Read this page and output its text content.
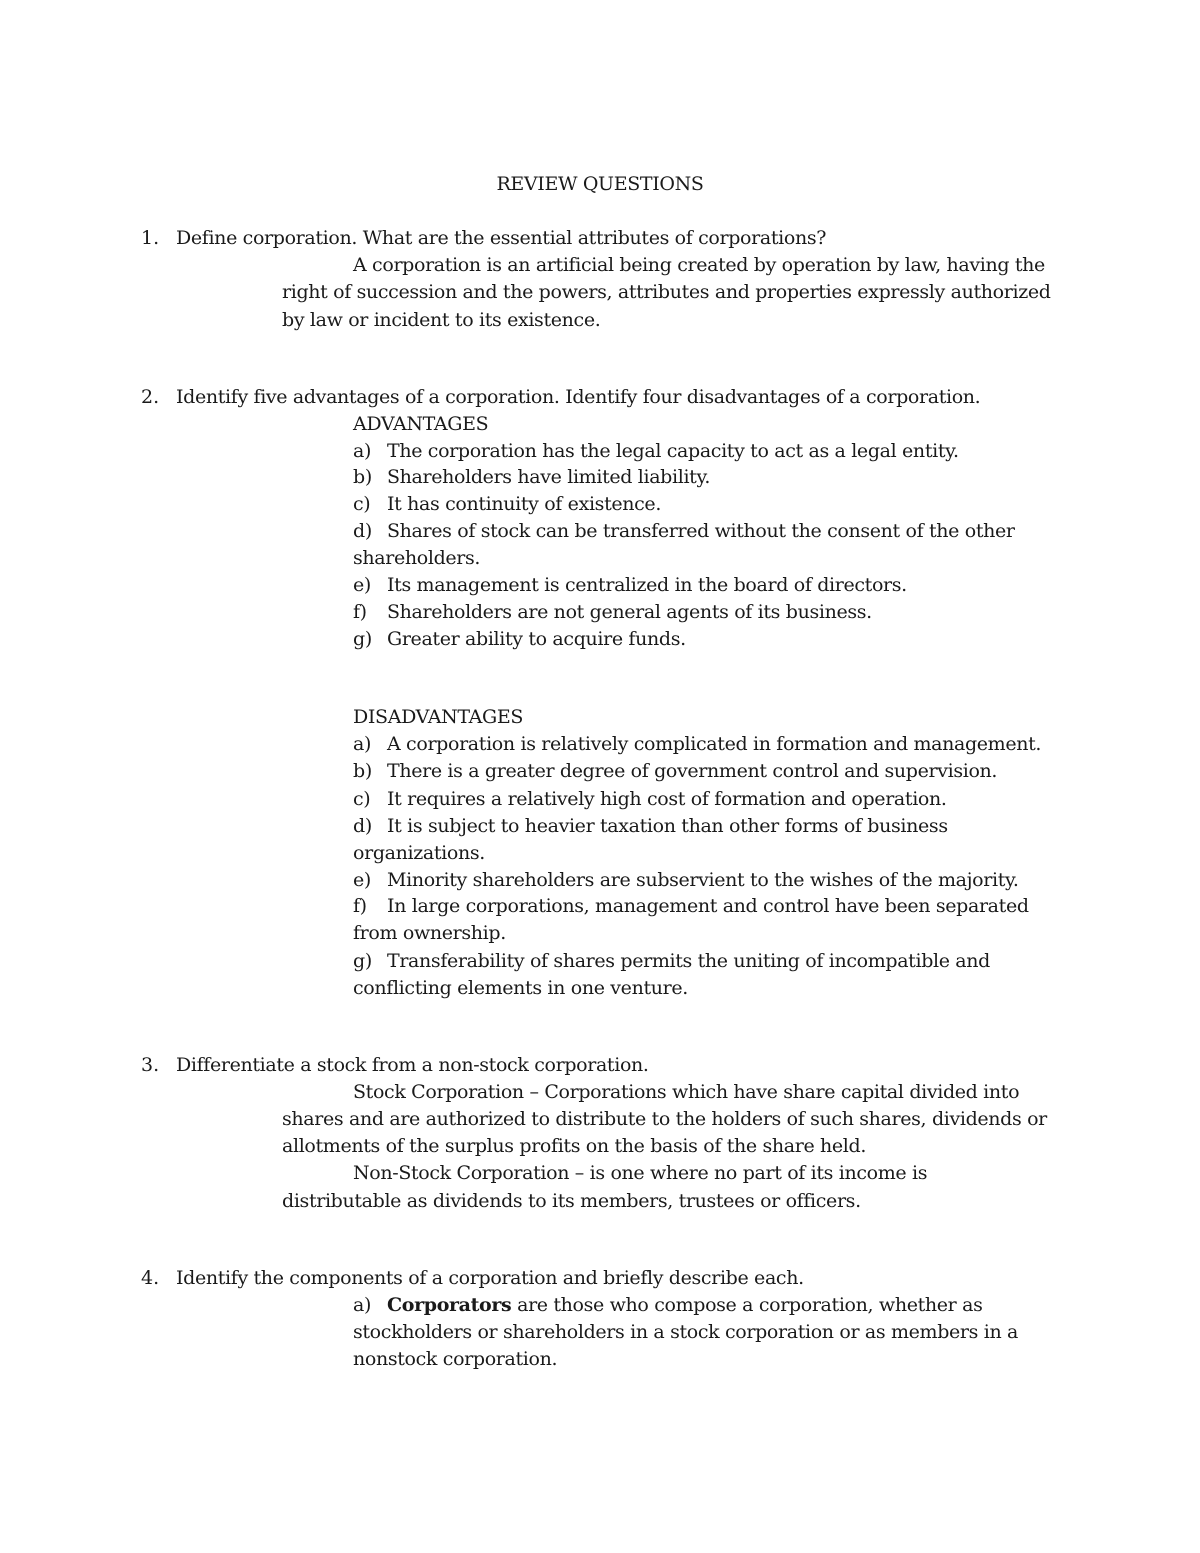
REVIEW QUESTIONS
1. Define corporation. What are the essential attributes of corporations?
A corporation is an artificial being created by operation by law, having the
right of succession and the powers, attributes and properties expressly authorized
by law or incident to its existence.
2. Identify five advantages of a corporation. Identify four disadvantages of a corporation.
ADVANTAGES
a) The corporation has the legal capacity to act as a legal entity.
b) Shareholders have limited liability.
c) It has continuity of existence.
d) Shares of stock can be transferred without the consent of the other
shareholders.
e) Its management is centralized in the board of directors.
f) Shareholders are not general agents of its business.
g) Greater ability to acquire funds.
DISADVANTAGES
a) A corporation is relatively complicated in formation and management.
b) There is a greater degree of government control and supervision.
c) It requires a relatively high cost of formation and operation.
d) It is subject to heavier taxation than other forms of business
organizations.
e) Minority shareholders are subservient to the wishes of the majority.
f) In large corporations, management and control have been separated
from ownership.
g) Transferability of shares permits the uniting of incompatible and
conflicting elements in one venture.
3. Differentiate a stock from a non-stock corporation.
Stock Corporation – Corporations which have share capital divided into
shares and are authorized to distribute to the holders of such shares, dividends or
allotments of the surplus profits on the basis of the share held.
Non-Stock Corporation – is one where no part of its income is
distributable as dividends to its members, trustees or officers.
4. Identify the components of a corporation and briefly describe each.
a) Corporators are those who compose a corporation, whether as
stockholders or shareholders in a stock corporation or as members in a
nonstock corporation.
